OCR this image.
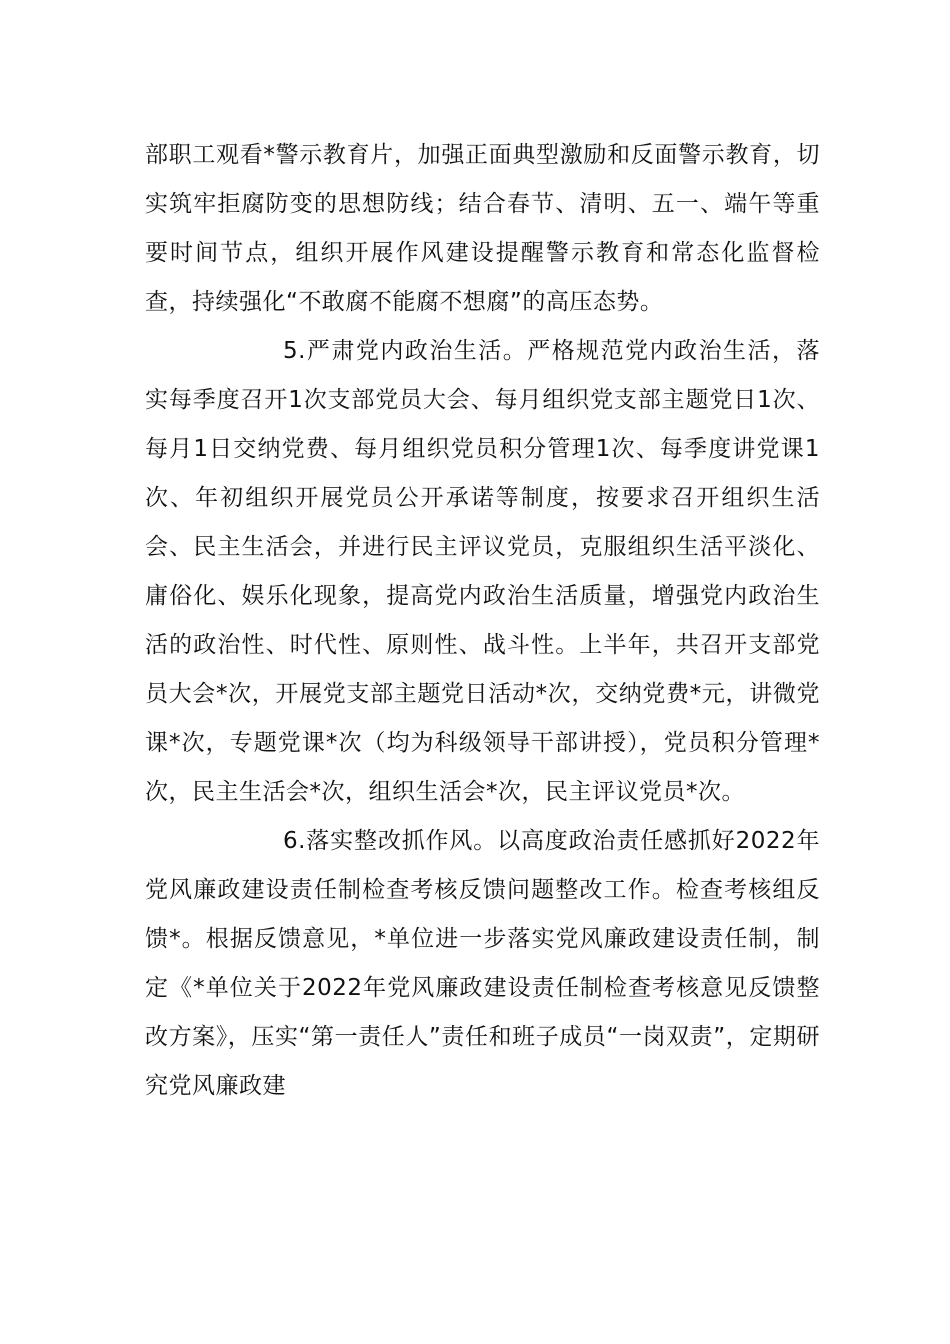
部职工观看*警示教育片，加强正面典型激励和反面警示教育，切实筑牢拒腐防变的思想防线；结合春节、清明、五一、端午等重要时间节点，组织开展作风建设提醒警示教育和常态化监督检查，持续强化“不敢腐不能腐不想腐”的高压态势。

5.严肃党内政治生活。严格规范党内政治生活，落实每季度召开1次支部党员大会、每月组织党支部主题党日1次、每月1日交纳党费、每月组织党员积分管理1次、每季度讲党课1次、年初组织开展党员公开承诺等制度，按要求召开组织生活会、民主生活会，并进行民主评议党员，克服组织生活平淡化、庸俗化、娱乐化现象，提高党内政治生活质量，增强党内政治生活的政治性、时代性、原则性、战斗性。上半年，共召开支部党员大会*次，开展党支部主题党日活动*次，交纳党费*元，讲微党课*次，专题党课*次（均为科级领导干部讲授），党员积分管理*次，民主生活会*次，组织生活会*次，民主评议党员*次。

6.落实整改抓作风。以高度政治责任感抓好2022年党风廉政建设责任制检查考核反馈问题整改工作。检查考核组反馈*。根据反馈意见，*单位进一步落实党风廉政建设责任制，制定《*单位关于2022年党风廉政建设责任制检查考核意见反馈整改方案》，压实“第一责任人”责任和班子成员“一岗双责”，定期研究党风廉政建
